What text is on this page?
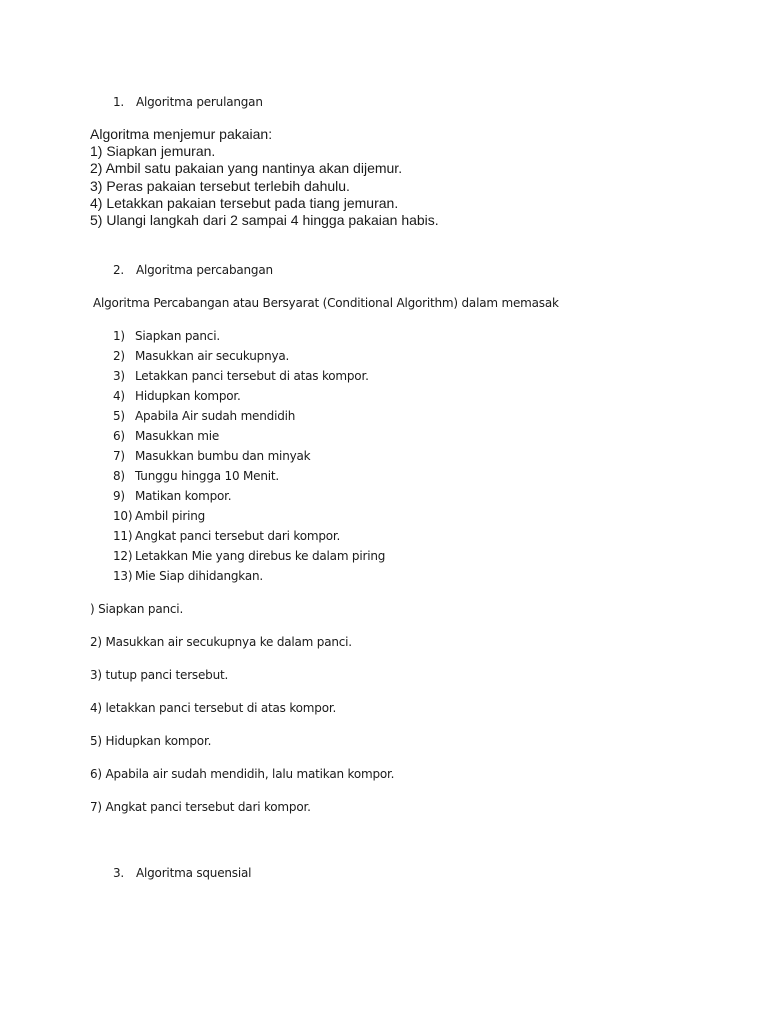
1. Algoritma perulangan
Algoritma menjemur pakaian:
1) Siapkan jemuran.
2) Ambil satu pakaian yang nantinya akan dijemur.
3) Peras pakaian tersebut terlebih dahulu.
4) Letakkan pakaian tersebut pada tiang jemuran.
5) Ulangi langkah dari 2 sampai 4 hingga pakaian habis.
2. Algoritma percabangan
Algoritma Percabangan atau Bersyarat (Conditional Algorithm) dalam memasak
1) Siapkan panci.
2) Masukkan air secukupnya.
3) Letakkan panci tersebut di atas kompor.
4) Hidupkan kompor.
5) Apabila Air sudah mendidih
6) Masukkan mie
7) Masukkan bumbu dan minyak
8) Tunggu hingga 10 Menit.
9) Matikan kompor.
10) Ambil piring
11) Angkat panci tersebut dari kompor.
12) Letakkan Mie yang direbus ke dalam piring
13) Mie Siap dihidangkan.
) Siapkan panci.
2) Masukkan air secukupnya ke dalam panci.
3) tutup panci tersebut.
4) letakkan panci tersebut di atas kompor.
5) Hidupkan kompor.
6) Apabila air sudah mendidih, lalu matikan kompor.
7) Angkat panci tersebut dari kompor.
3. Algoritma squensial
